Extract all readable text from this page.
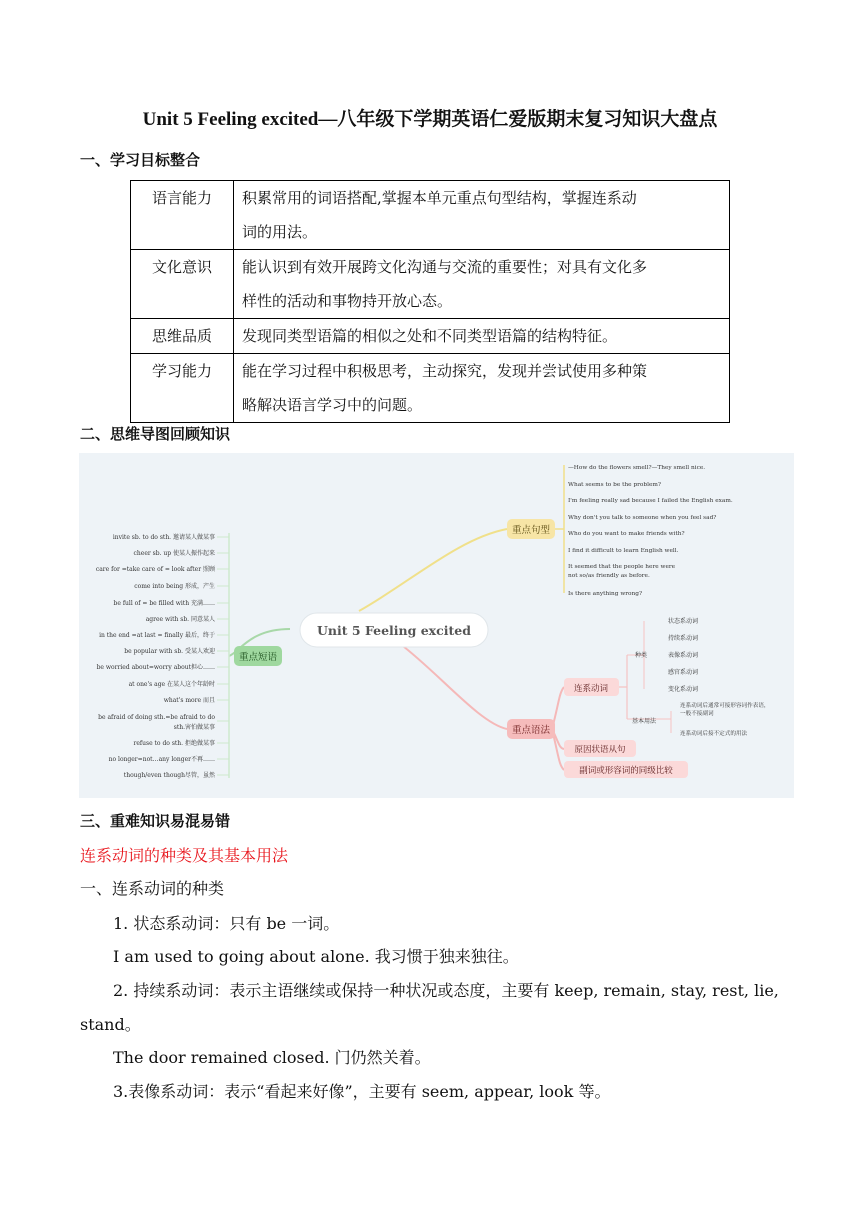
Unit 5 Feeling excited—八年级下学期英语仁爱版期末复习知识大盘点
一、学习目标整合
语言能力	积累常用的词语搭配,掌握本单元重点句型结构，掌握连系动
词的用法。
文化意识	能认识到有效开展跨文化沟通与交流的重要性；对具有文化多
样性的活动和事物持开放心态。
思维品质	发现同类型语篇的相似之处和不同类型语篇的结构特征。
学习能力	能在学习过程中积极思考，主动探究，发现并尝试使用多种策
略解决语言学习中的问题。
二、思维导图回顾知识
Unit 5 Feeling excited
重点短语
invite sb. to do sth. 邀请某人做某事
cheer sb. up 使某人振作起来
care for =take care of = look after 照顾
come into being 形成，产生
be full of = be filled with 充满……
agree with sb. 同意某人
in the end =at last = finally 最后，终于
be popular with sb. 受某人欢迎
be worried about=worry about担心……
at one's age 在某人这个年龄时
what's more 而且
be afraid of doing sth.=be afraid to do
sth.害怕做某事
refuse to do sth. 拒绝做某事
no longer=not…any longer不再……
though/even though尽管，虽然
重点句型
—How do the flowers smell?—They smell nice.
What seems to be the problem?
I'm feeling really sad because I failed the English exam.
Why don't you talk to someone when you feel sad?
Who do you want to make friends with?
I find it difficult to learn English well.
It seemed that the people here were
not so/as friendly as before.
Is there anything wrong?
重点语法
连系动词
种类
状态系动词
持续系动词
表像系动词
感官系动词
变化系动词
基本用法
连系动词后通常可接形容词作表语，
一般不接副词
连系动词后接不定式的用法
原因状语从句
副词或形容词的同级比较
三、重难知识易混易错
连系动词的种类及其基本用法
一、连系动词的种类
1. 状态系动词：只有 be 一词。
I am used to going about alone. 我习惯于独来独往。
2. 持续系动词：表示主语继续或保持一种状况或态度，主要有 keep, remain, stay, rest, lie,
stand。
The door remained closed. 门仍然关着。
3.表像系动词：表示“看起来好像”，主要有 seem, appear, look 等。
